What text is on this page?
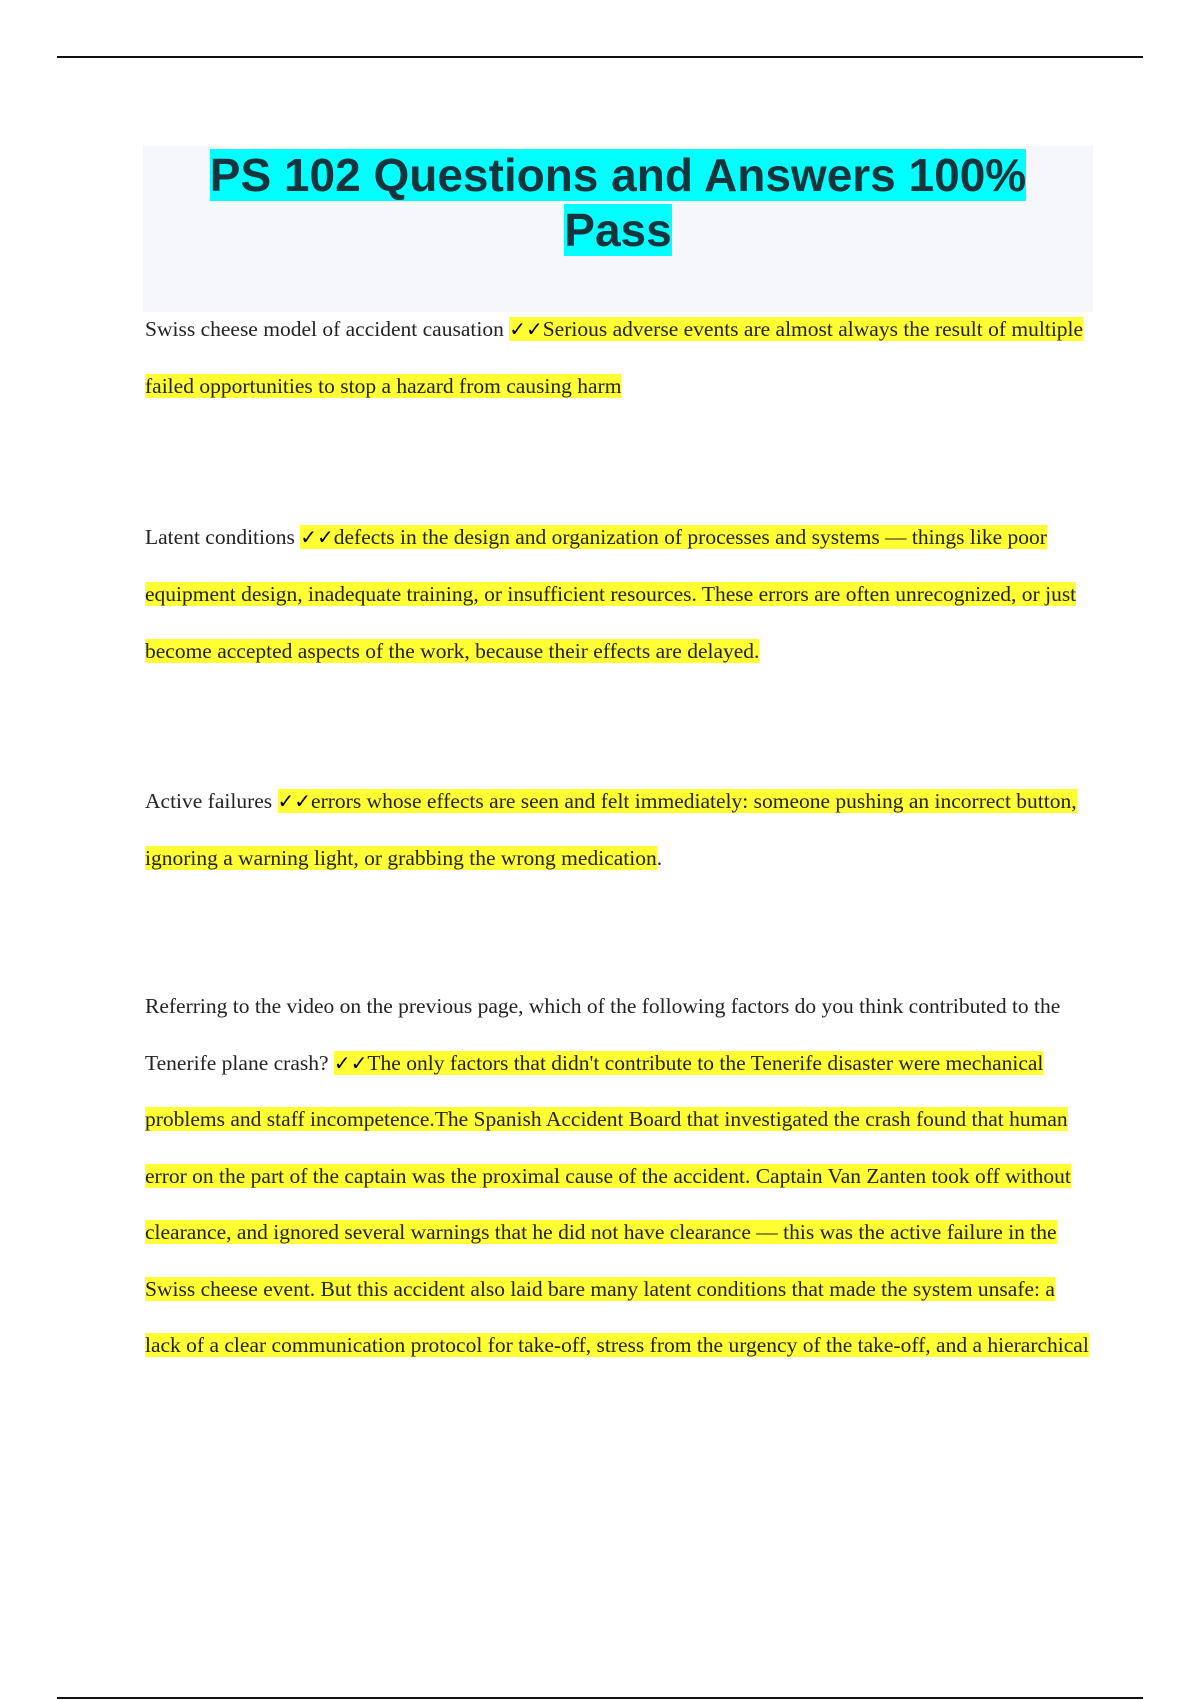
PS 102 Questions and Answers 100%
Pass

Swiss cheese model of accident causation ✓✓Serious adverse events are almost always the result of multiple failed opportunities to stop a hazard from causing harm

Latent conditions ✓✓defects in the design and organization of processes and systems — things like poor equipment design, inadequate training, or insufficient resources. These errors are often unrecognized, or just become accepted aspects of the work, because their effects are delayed.

Active failures ✓✓errors whose effects are seen and felt immediately: someone pushing an incorrect button, ignoring a warning light, or grabbing the wrong medication.

Referring to the video on the previous page, which of the following factors do you think contributed to the Tenerife plane crash? ✓✓The only factors that didn't contribute to the Tenerife disaster were mechanical problems and staff incompetence.The Spanish Accident Board that investigated the crash found that human error on the part of the captain was the proximal cause of the accident. Captain Van Zanten took off without clearance, and ignored several warnings that he did not have clearance — this was the active failure in the Swiss cheese event. But this accident also laid bare many latent conditions that made the system unsafe: a lack of a clear communication protocol for take-off, stress from the urgency of the take-off, and a hierarchical
